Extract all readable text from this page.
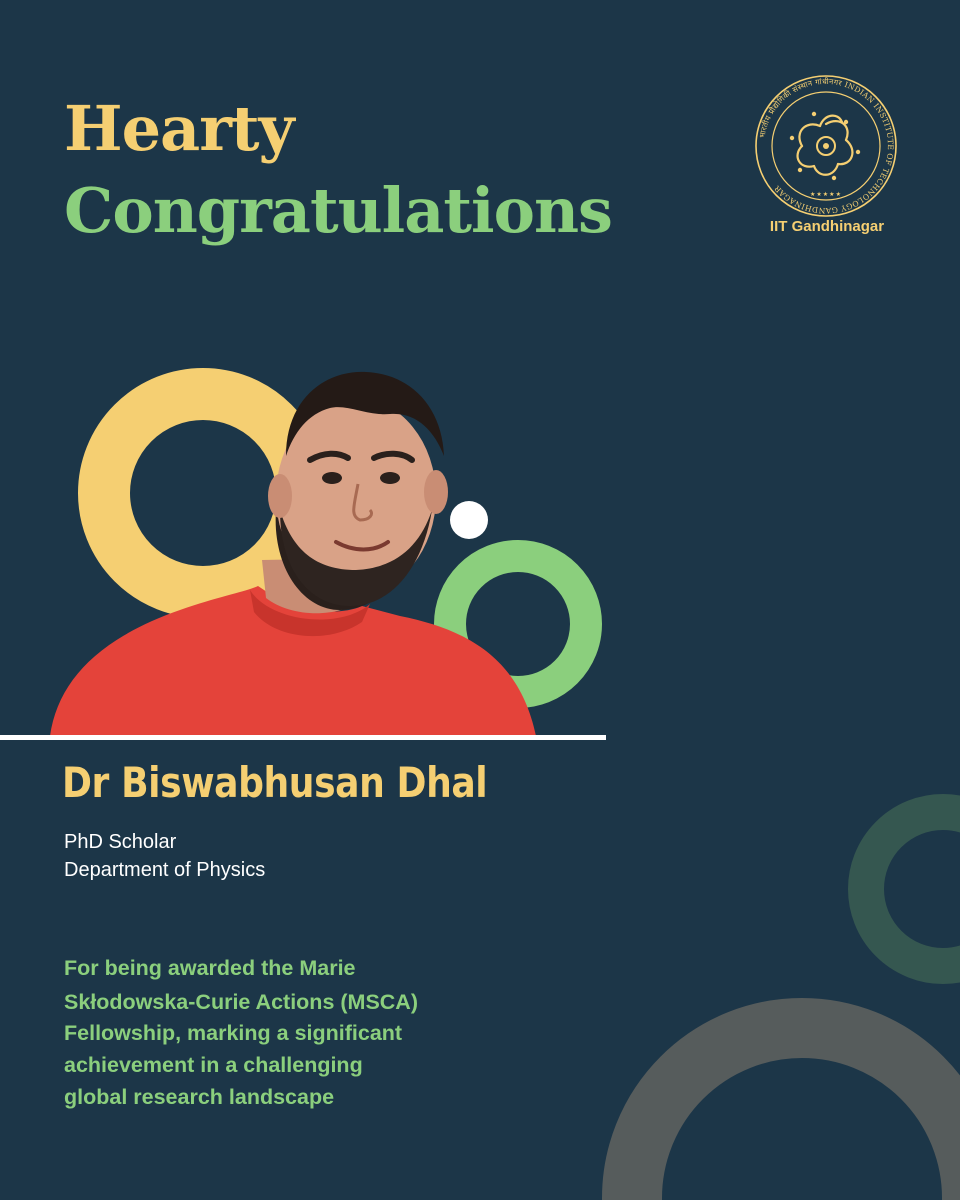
Hearty
Congratulations
भारतीय प्रौद्योगिकी संस्थान गांधीनगर INDIAN INSTITUTE OF TECHNOLOGY GANDHINAGAR
★★★★★
IIT Gandhinagar
Dr Biswabhusan Dhal

PhD Scholar

Department of Physics

For being awarded the Marie

Skłodowska-Curie Actions (MSCA)

Fellowship, marking a significant

achievement in a challenging

global research landscape
